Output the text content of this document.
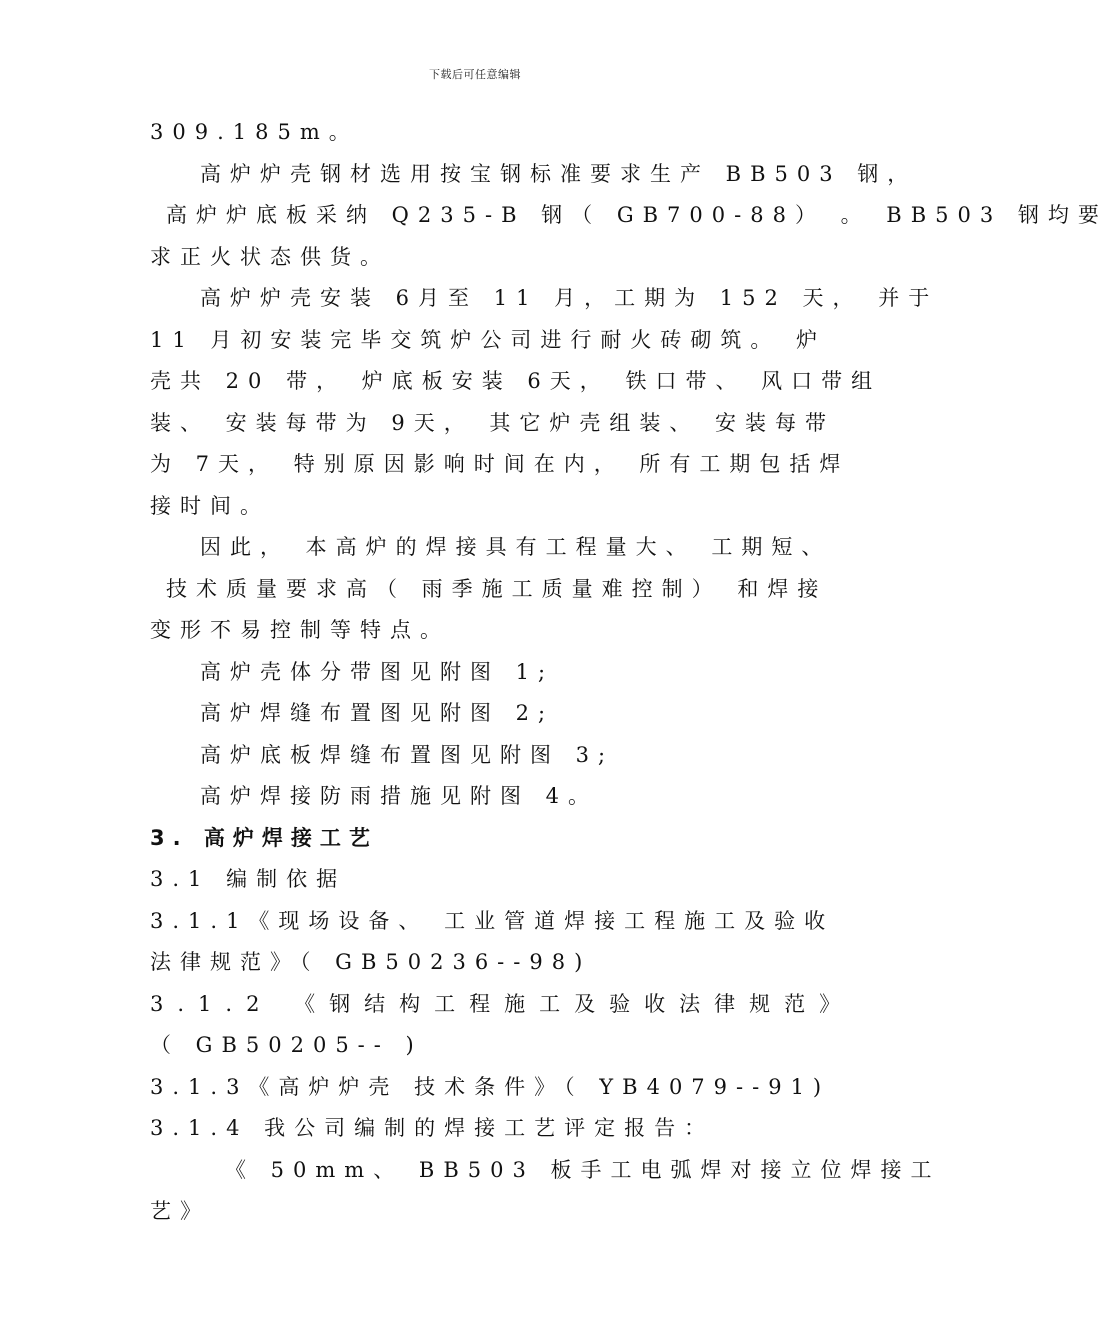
下载后可任意编辑
309.185m。
高炉炉壳钢材选用按宝钢标准要求生产 BB503 钢，
高炉炉底板采纳 Q235-B 钢（ GB700-88） 。 BB503 钢均要
求正火状态供货。
高炉炉壳安装 6月至 11 月，工期为 152 天， 并于
11 月初安装完毕交筑炉公司进行耐火砖砌筑。 炉
壳共 20 带， 炉底板安装 6天， 铁口带、 风口带组
装、 安装每带为 9天， 其它炉壳组装、 安装每带
为 7天， 特别原因影响时间在内， 所有工期包括焊
接时间。
因此， 本高炉的焊接具有工程量大、 工期短、
技术质量要求高（ 雨季施工质量难控制） 和焊接
变形不易控制等特点。
高炉壳体分带图见附图 1;
高炉焊缝布置图见附图 2;
高炉底板焊缝布置图见附图 3;
高炉焊接防雨措施见附图 4。
3. 高炉焊接工艺
3.1 编制依据
3.1.1《现场设备、 工业管道焊接工程施工及验收
法律规范》（ GB50236--98)
3.1.2 《钢结构工程施工及验收法律规范》
（ GB50205-- )
3.1.3《高炉炉壳 技术条件》（ YB4079--91)
3.1.4 我公司编制的焊接工艺评定报告：
《 50mm、 BB503 板手工电弧焊对接立位焊接工
艺》
